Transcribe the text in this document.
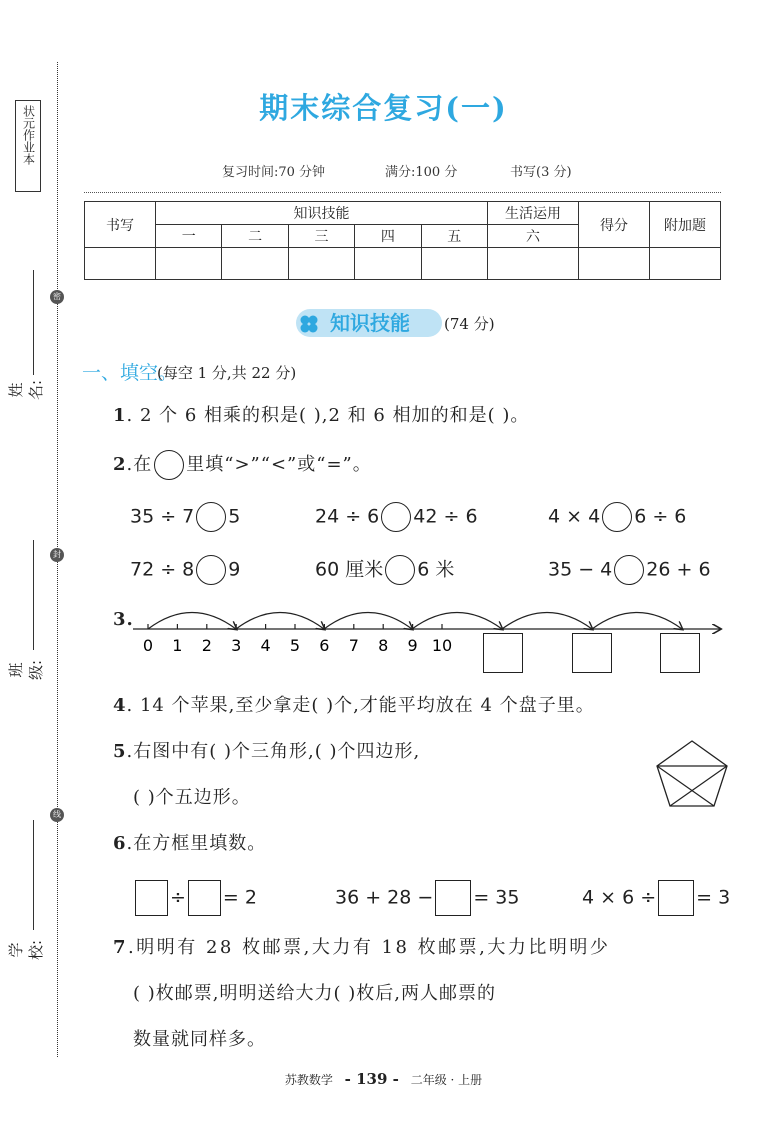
状元作业本
密
封
线
姓名:
班级:
学校:
期末综合复习(一)
复习时间:70 分钟	满分:100 分	书写(3 分)
书写	知识技能					生活运用	得分	附加题
	一	二	三	四	五	六		

知识技能 (74 分)
一、填空。
(每空 1 分,共 22 分)
1. 2 个 6 相乘的积是( ),2 和 6 相加的和是( )。
2.在 里填“>”“<”或“=”。
35 ÷ 7 5	24 ÷ 6 42 ÷ 6	4 × 4 6 ÷ 6
72 ÷ 8 9	60 厘米 6 米	35 − 4 26 + 6
3.
0 1 2 3 4 5 6 7 8 9 10
4. 14 个苹果,至少拿走( )个,才能平均放在 4 个盘子里。
5.右图中有( )个三角形,( )个四边形,
( )个五边形。
6.在方框里填数。
÷ = 2	36 + 28 − = 35	4 × 6 ÷ = 3
7.明明有 28 枚邮票,大力有 18 枚邮票,大力比明明少
( )枚邮票,明明送给大力( )枚后,两人邮票的
数量就同样多。
苏教数学 - 139 - 二年级 · 上册
